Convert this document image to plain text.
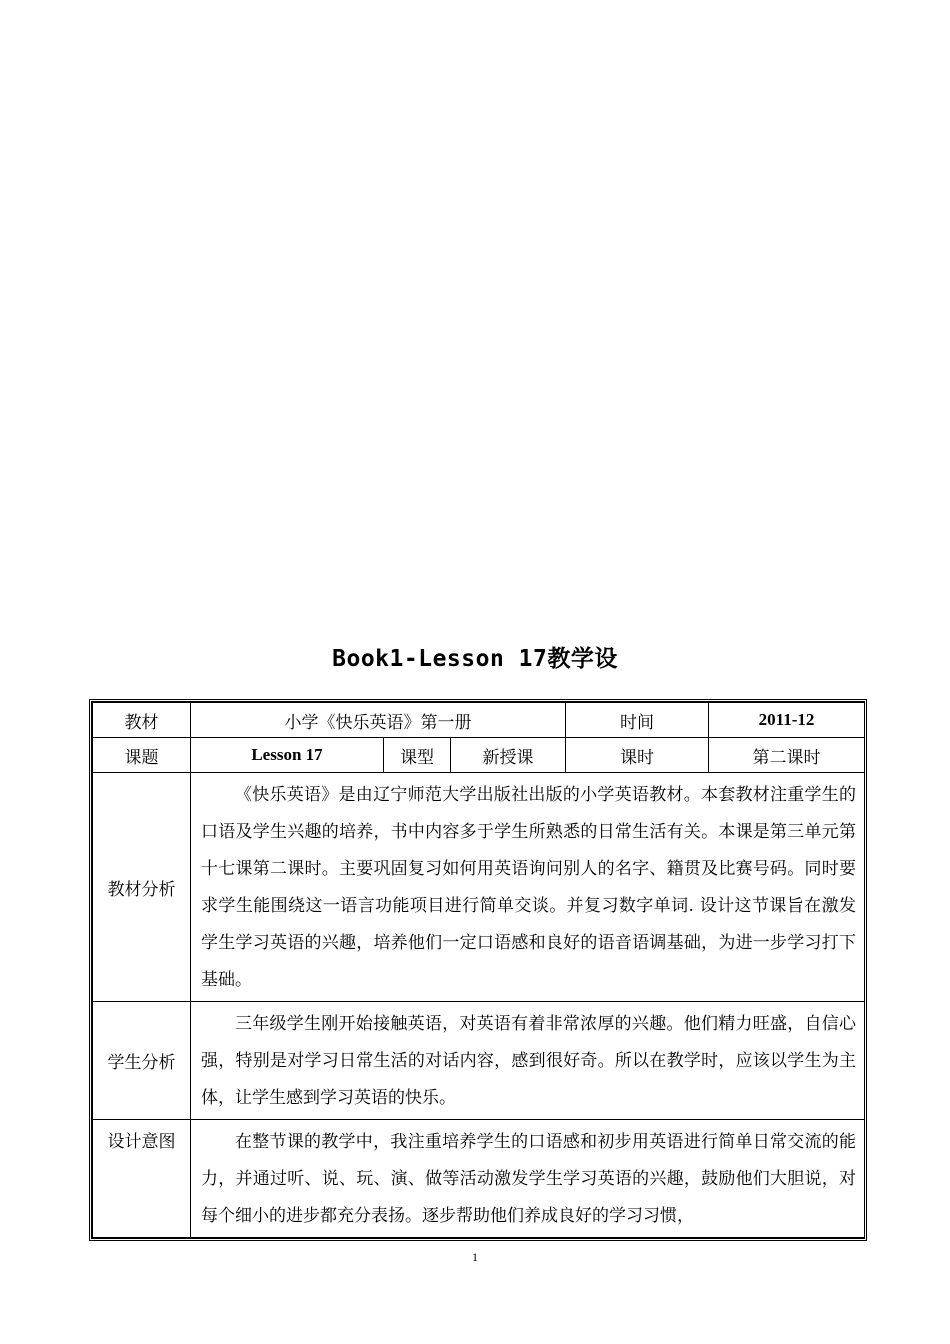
Book1-Lesson 17教学设
教材	小学《快乐英语》第一册			时间	2011-12
课题	Lesson 17	课型	新授课	课时	第二课时
教材分析	《快乐英语》是由辽宁师范大学出版社出版的小学英语教材。本套教材注重学生的口语及学生兴趣的培养，书中内容多于学生所熟悉的日常生活有关。本课是第三单元第十七课第二课时。主要巩固复习如何用英语询问别人的名字、籍贯及比赛号码。同时要求学生能围绕这一语言功能项目进行简单交谈。并复习数字单词. 设计这节课旨在激发学生学习英语的兴趣，培养他们一定口语感和良好的语音语调基础，为进一步学习打下基础。				
学生分析	三年级学生刚开始接触英语，对英语有着非常浓厚的兴趣。他们精力旺盛，自信心强，特别是对学习日常生活的对话内容，感到很好奇。所以在教学时，应该以学生为主体，让学生感到学习英语的快乐。				
设计意图	在整节课的教学中，我注重培养学生的口语感和初步用英语进行简单日常交流的能力，并通过听、说、玩、演、做等活动激发学生学习英语的兴趣，鼓励他们大胆说，对每个细小的进步都充分表扬。逐步帮助他们养成良好的学习习惯，				
1
